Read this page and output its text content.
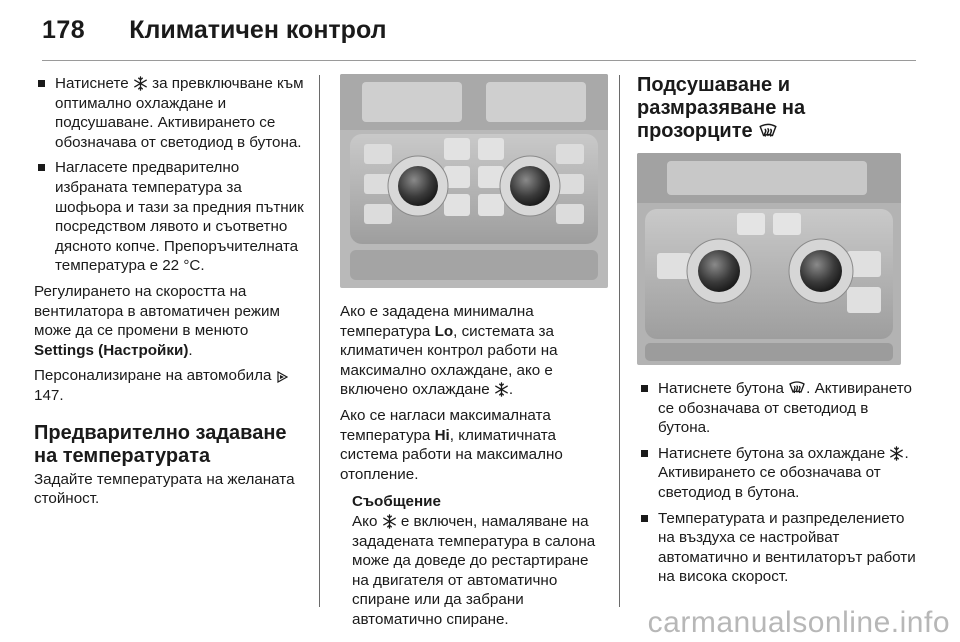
178 Климатичен контрол
Натиснете  за превключване към оптимално охлаждане и подсушаване. Активирането се обозначава от светодиод в бутона.
Нагласете предварително избраната температура за шофьора и тази за предния пътник посредством лявото и съответно дясното копче. Препоръчителната температура е 22 °C.

Регулирането на скоростта на вентилатора в автоматичен режим може да се промени в менюто Settings (Настройки).

Персонализиране на автомобила  147.

Предварително задаване на температурата

Задайте температурата на желаната стойност.

Ако е зададена минимална температура Lo, системата за климатичен контрол работи на максимално охлаждане, ако е включено охлаждане .

Ако се нагласи максималната температура Hi, климатичната система работи на максимално отопление.

Съобщение
Ако  е включен, намаляване на зададената температура в салона може да доведе до рестартиране на двигателя от автоматично спиране или да забрани автоматично спиране.
Подсушаване и размразяване на прозорците
Натиснете бутона . Активирането се обозначава от светодиод в бутона.
Натиснете бутона за охлаждане . Активирането се обозначава от светодиод в бутона.
Температурата и разпределението на въздуха се настройват автоматично и вентилаторът работи на висока скорост.
carmanualsonline.info
